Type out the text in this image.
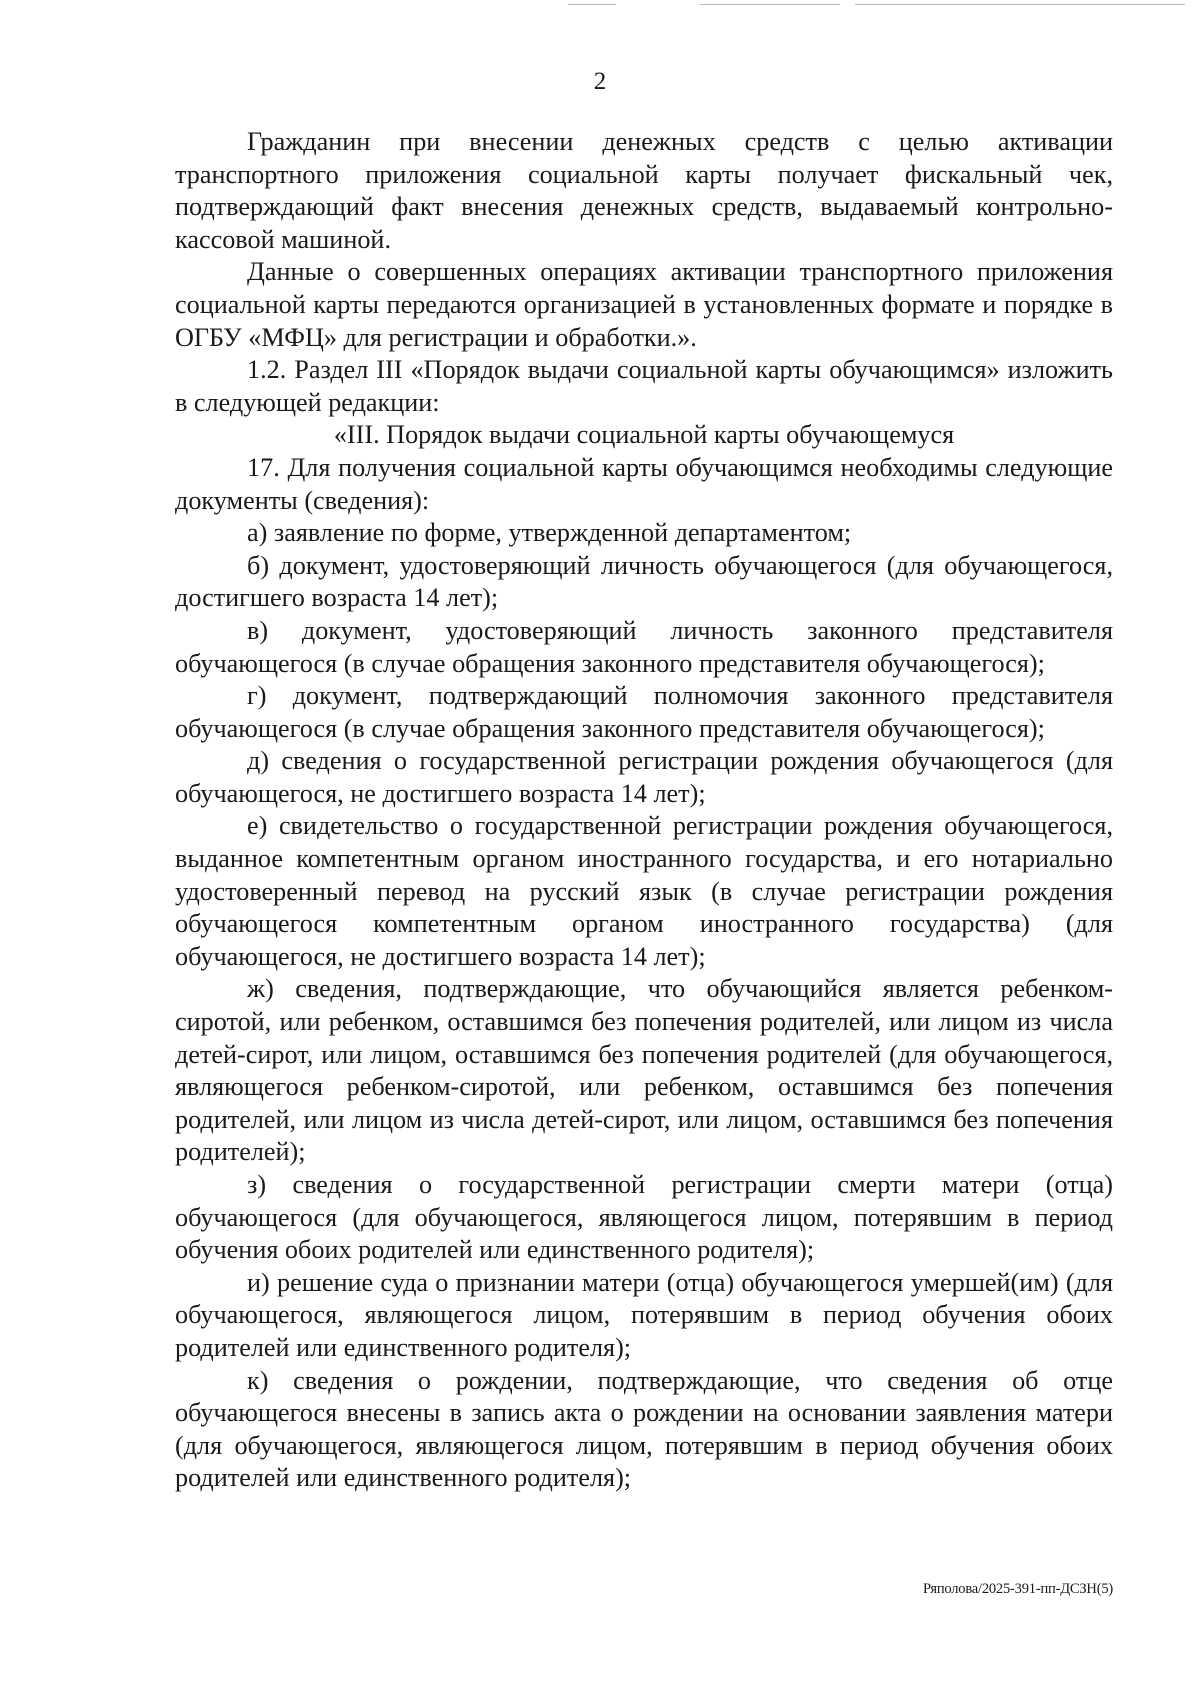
2

Гражданин при внесении денежных средств с целью активации транспортного приложения социальной карты получает фискальный чек, подтверждающий факт внесения денежных средств, выдаваемый контрольно-кассовой машиной.

Данные о совершенных операциях активации транспортного приложения социальной карты передаются организацией в установленных формате и порядке в ОГБУ «МФЦ» для регистрации и обработки.».

1.2. Раздел III «Порядок выдачи социальной карты обучающимся» изложить в следующей редакции:

«III. Порядок выдачи социальной карты обучающемуся

17. Для получения социальной карты обучающимся необходимы следующие документы (сведения):

а) заявление по форме, утвержденной департаментом;

б) документ, удостоверяющий личность обучающегося (для обучающегося, достигшего возраста 14 лет);

в) документ, удостоверяющий личность законного представителя обучающегося (в случае обращения законного представителя обучающегося);

г) документ, подтверждающий полномочия законного представителя обучающегося (в случае обращения законного представителя обучающегося);

д) сведения о государственной регистрации рождения обучающегося (для обучающегося, не достигшего возраста 14 лет);

е) свидетельство о государственной регистрации рождения обучающегося, выданное компетентным органом иностранного государства, и его нотариально удостоверенный перевод на русский язык (в случае регистрации рождения обучающегося компетентным органом иностранного государства) (для обучающегося, не достигшего возраста 14 лет);

ж) сведения, подтверждающие, что обучающийся является ребенком-сиротой, или ребенком, оставшимся без попечения родителей, или лицом из числа детей-сирот, или лицом, оставшимся без попечения родителей (для обучающегося, являющегося ребенком-сиротой, или ребенком, оставшимся без попечения родителей, или лицом из числа детей-сирот, или лицом, оставшимся без попечения родителей);

з) сведения о государственной регистрации смерти матери (отца) обучающегося (для обучающегося, являющегося лицом, потерявшим в период обучения обоих родителей или единственного родителя);

и) решение суда о признании матери (отца) обучающегося умершей(им) (для обучающегося, являющегося лицом, потерявшим в период обучения обоих родителей или единственного родителя);

к) сведения о рождении, подтверждающие, что сведения об отце обучающегося внесены в запись акта о рождении на основании заявления матери (для обучающегося, являющегося лицом, потерявшим в период обучения обоих родителей или единственного родителя);

Ряполова/2025-391-пп-ДСЗН(5)
